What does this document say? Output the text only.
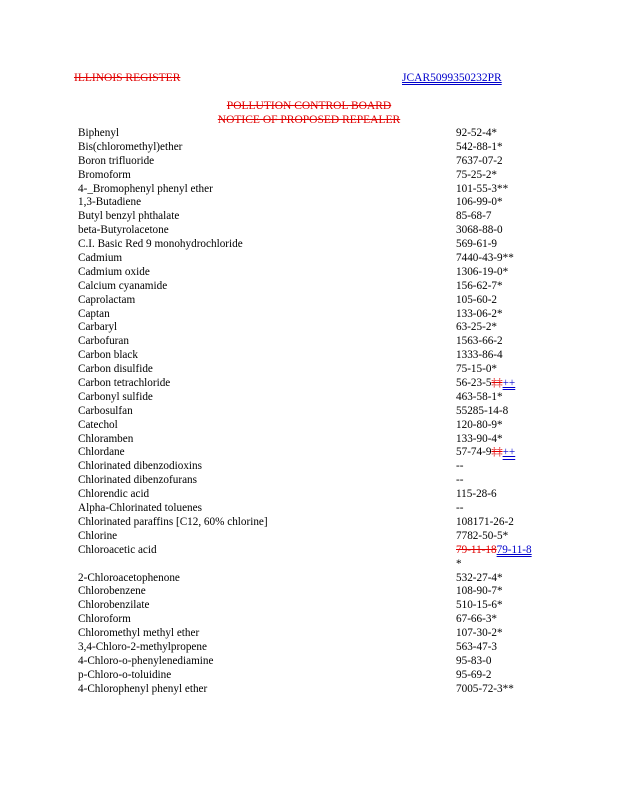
ILLINOIS REGISTER	JCAR5099350232PR
POLLUTION CONTROL BOARD
NOTICE OF PROPOSED REPEALER
Biphenyl	92-52-4*
Bis(chloromethyl)ether	542-88-1*
Boron trifluoride	7637-07-2
Bromoform	75-25-2*
4-_Bromophenyl phenyl ether	101-55-3**
1,3-Butadiene	106-99-0*
Butyl benzyl phthalate	85-68-7
beta-Butyrolacetone	3068-88-0
C.I. Basic Red 9 monohydrochloride	569-61-9
Cadmium	7440-43-9**
Cadmium oxide	1306-19-0*
Calcium cyanamide	156-62-7*
Caprolactam	105-60-2
Captan	133-06-2*
Carbaryl	63-25-2*
Carbofuran	1563-66-2
Carbon black	1333-86-4
Carbon disulfide	75-15-0*
Carbon tetrachloride	56-23-5‡‡++
Carbonyl sulfide	463-58-1*
Carbosulfan	55285-14-8
Catechol	120-80-9*
Chloramben	133-90-4*
Chlordane	57-74-9‡‡++
Chlorinated dibenzodioxins	--
Chlorinated dibenzofurans	--
Chlorendic acid	115-28-6
Alpha-Chlorinated toluenes	--
Chlorinated paraffins [C12, 60% chlorine]	108171-26-2
Chlorine	7782-50-5*
Chloroacetic acid	79-11-1879-11-8*
2-Chloroacetophenone	532-27-4*
Chlorobenzene	108-90-7*
Chlorobenzilate	510-15-6*
Chloroform	67-66-3*
Chloromethyl methyl ether	107-30-2*
3,4-Chloro-2-methylpropene	563-47-3
4-Chloro-o-phenylenediamine	95-83-0
p-Chloro-o-toluidine	95-69-2
4-Chlorophenyl phenyl ether	7005-72-3**
